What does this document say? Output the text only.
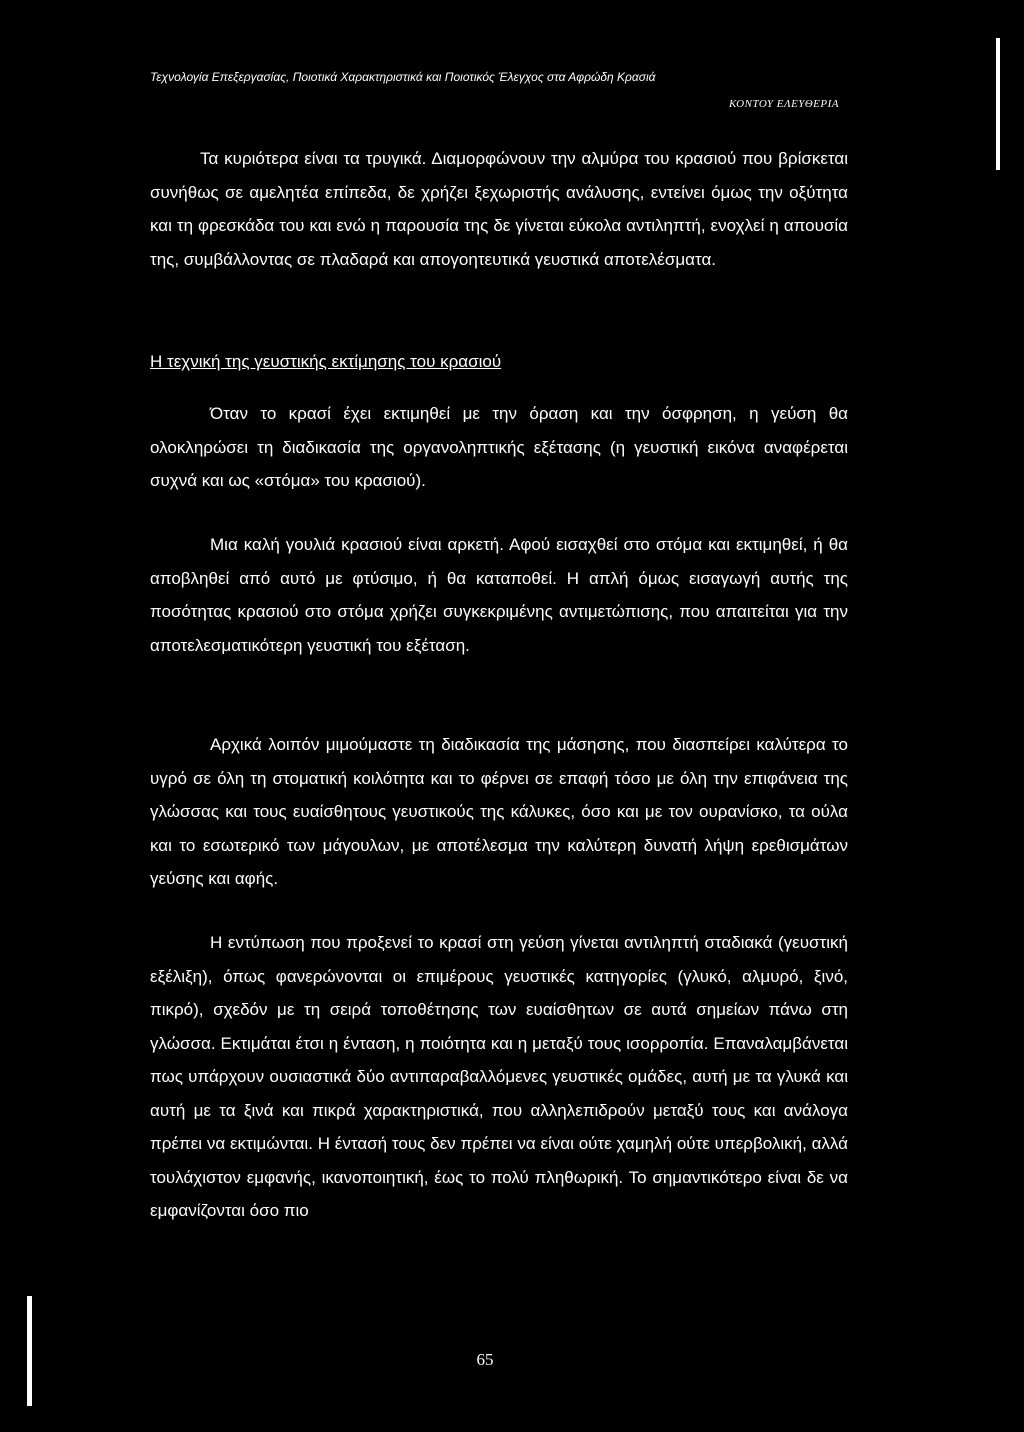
Τεχνολογία Επεξεργασίας, Ποιοτικά Χαρακτηριστικά και Ποιοτικός Έλεγχος στα Αφρώδη Κρασιά
ΚΟΝΤΟΥ ΕΛΕΥΘΕΡΙΑ

Τα κυριότερα είναι τα τρυγικά. Διαμορφώνουν την αλμύρα του κρασιού που βρίσκεται συνήθως σε αμελητέα επίπεδα, δε χρήζει ξεχωριστής ανάλυσης, εντείνει όμως την οξύτητα και τη φρεσκάδα του και ενώ η παρουσία της δε γίνεται εύκολα αντιληπτή, ενοχλεί η απουσία της, συμβάλλοντας σε πλαδαρά και απογοητευτικά γευστικά αποτελέσματα.

Η τεχνική της γευστικής εκτίμησης του κρασιού

Όταν το κρασί έχει εκτιμηθεί με την όραση και την όσφρηση, η γεύση θα ολοκληρώσει τη διαδικασία της οργανοληπτικής εξέτασης (η γευστική εικόνα αναφέρεται συχνά και ως «στόμα» του κρασιού).

Μια καλή γουλιά κρασιού είναι αρκετή. Αφού εισαχθεί στο στόμα και εκτιμηθεί, ή θα αποβληθεί από αυτό με φτύσιμο, ή θα καταποθεί. Η απλή όμως εισαγωγή αυτής της ποσότητας κρασιού στο στόμα χρήζει συγκεκριμένης αντιμετώπισης, που απαιτείται για την αποτελεσματικότερη γευστική του εξέταση.

Αρχικά λοιπόν μιμούμαστε τη διαδικασία της μάσησης, που διασπείρει καλύτερα το υγρό σε όλη τη στοματική κοιλότητα και το φέρνει σε επαφή τόσο με όλη την επιφάνεια της γλώσσας και τους ευαίσθητους γευστικούς της κάλυκες, όσο και με τον ουρανίσκο, τα ούλα και το εσωτερικό των μάγουλων, με αποτέλεσμα την καλύτερη δυνατή λήψη ερεθισμάτων γεύσης και αφής.

Η εντύπωση που προξενεί το κρασί στη γεύση γίνεται αντιληπτή σταδιακά (γευστική εξέλιξη), όπως φανερώνονται οι επιμέρους γευστικές κατηγορίες (γλυκό, αλμυρό, ξινό, πικρό), σχεδόν με τη σειρά τοποθέτησης των ευαίσθητων σε αυτά σημείων πάνω στη γλώσσα. Εκτιμάται έτσι η ένταση, η ποιότητα και η μεταξύ τους ισορροπία. Επαναλαμβάνεται πως υπάρχουν ουσιαστικά δύο αντιπαραβαλλόμενες γευστικές ομάδες, αυτή με τα γλυκά και αυτή με τα ξινά και πικρά χαρακτηριστικά, που αλληλεπιδρούν μεταξύ τους και ανάλογα πρέπει να εκτιμώνται. Η έντασή τους δεν πρέπει να είναι ούτε χαμηλή ούτε υπερβολική, αλλά τουλάχιστον εμφανής, ικανοποιητική, έως το πολύ πληθωρική. Το σημαντικότερο είναι δε να εμφανίζονται όσο πιο

65
